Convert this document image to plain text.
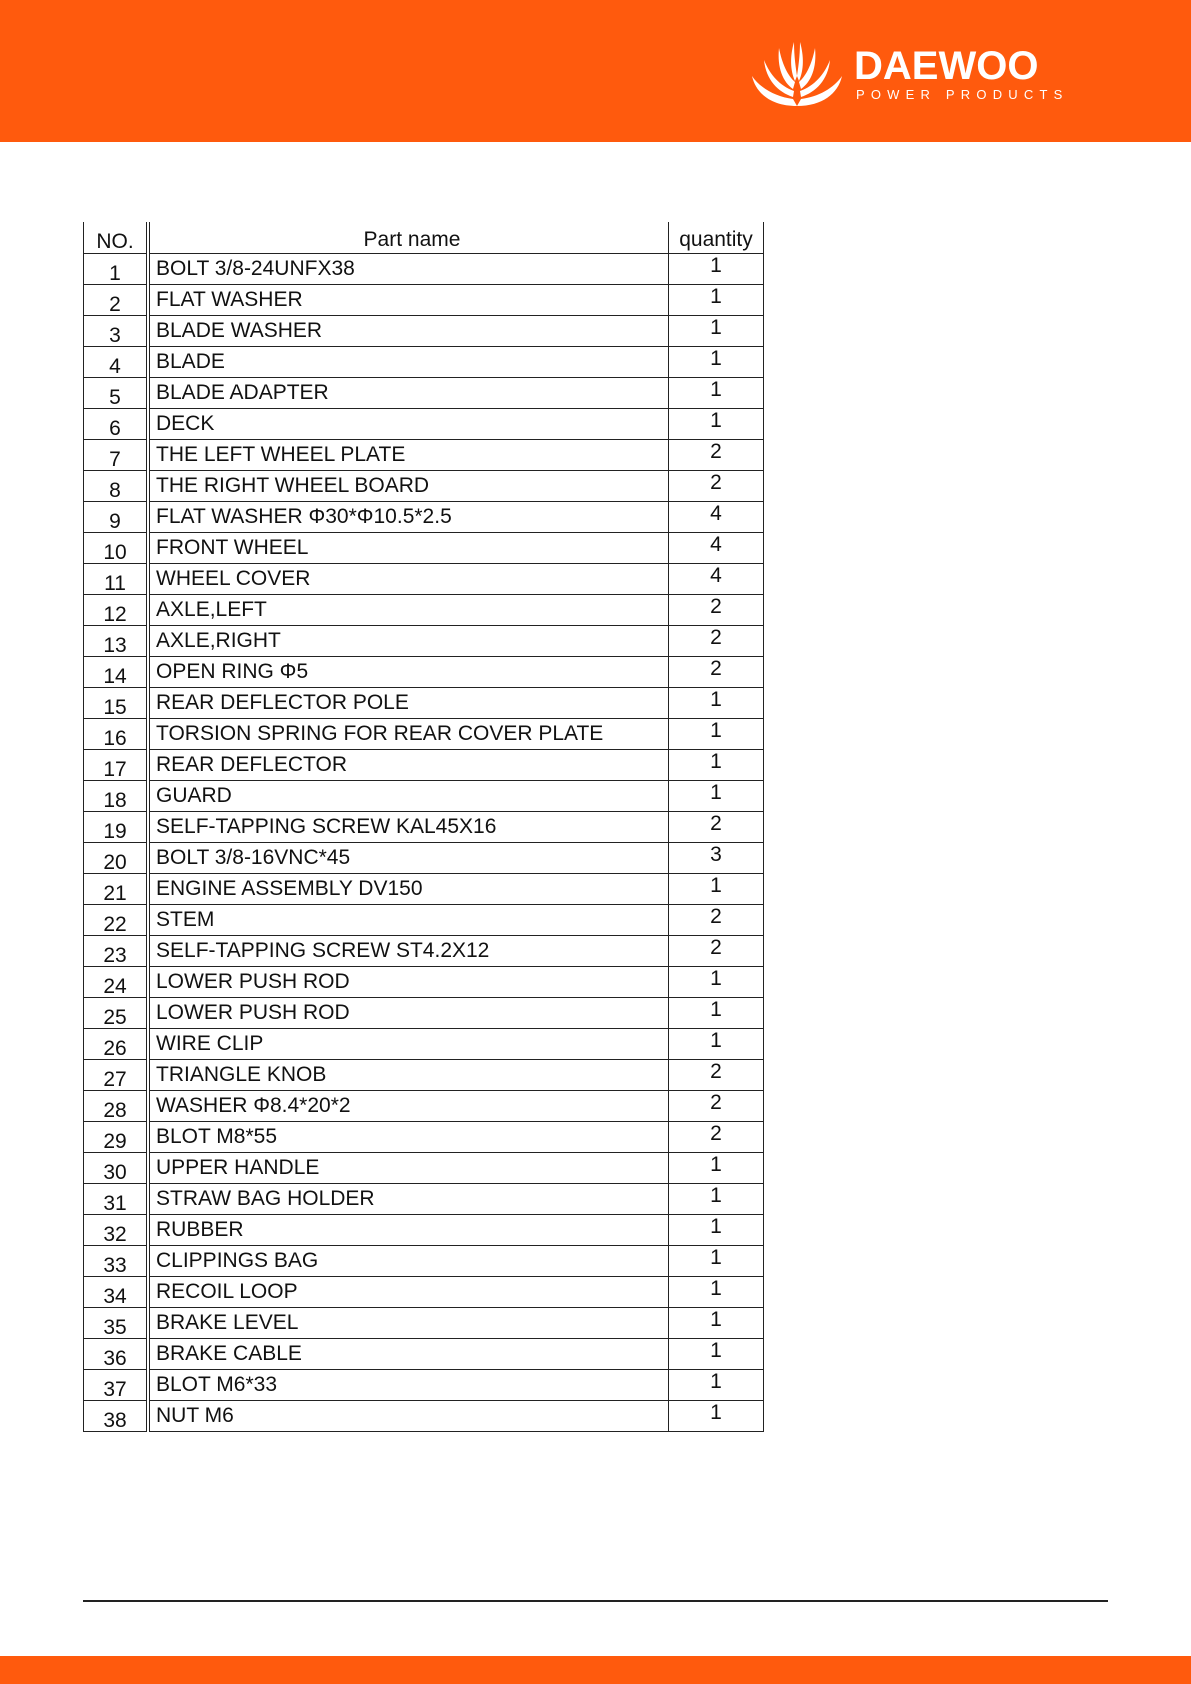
DAEWOO
POWER PRODUCTS
NO.	Part name	quantity
1	BOLT 3/8-24UNFX38	1
2	FLAT WASHER	1
3	BLADE WASHER	1
4	BLADE	1
5	BLADE ADAPTER	1
6	DECK	1
7	THE LEFT WHEEL PLATE	2
8	THE RIGHT WHEEL BOARD	2
9	FLAT WASHER Φ30*Φ10.5*2.5	4
10	FRONT WHEEL	4
11	WHEEL COVER	4
12	AXLE,LEFT	2
13	AXLE,RIGHT	2
14	OPEN RING Φ5	2
15	REAR DEFLECTOR POLE	1
16	TORSION SPRING FOR REAR COVER PLATE	1
17	REAR DEFLECTOR	1
18	GUARD	1
19	SELF-TAPPING SCREW KAL45X16	2
20	BOLT 3/8-16VNC*45	3
21	ENGINE ASSEMBLY DV150	1
22	STEM	2
23	SELF-TAPPING SCREW ST4.2X12	2
24	LOWER PUSH ROD	1
25	LOWER PUSH ROD	1
26	WIRE CLIP	1
27	TRIANGLE KNOB	2
28	WASHER Φ8.4*20*2	2
29	BLOT M8*55	2
30	UPPER HANDLE	1
31	STRAW BAG HOLDER	1
32	RUBBER	1
33	CLIPPINGS BAG	1
34	RECOIL LOOP	1
35	BRAKE LEVEL	1
36	BRAKE CABLE	1
37	BLOT M6*33	1
38	NUT M6	1
